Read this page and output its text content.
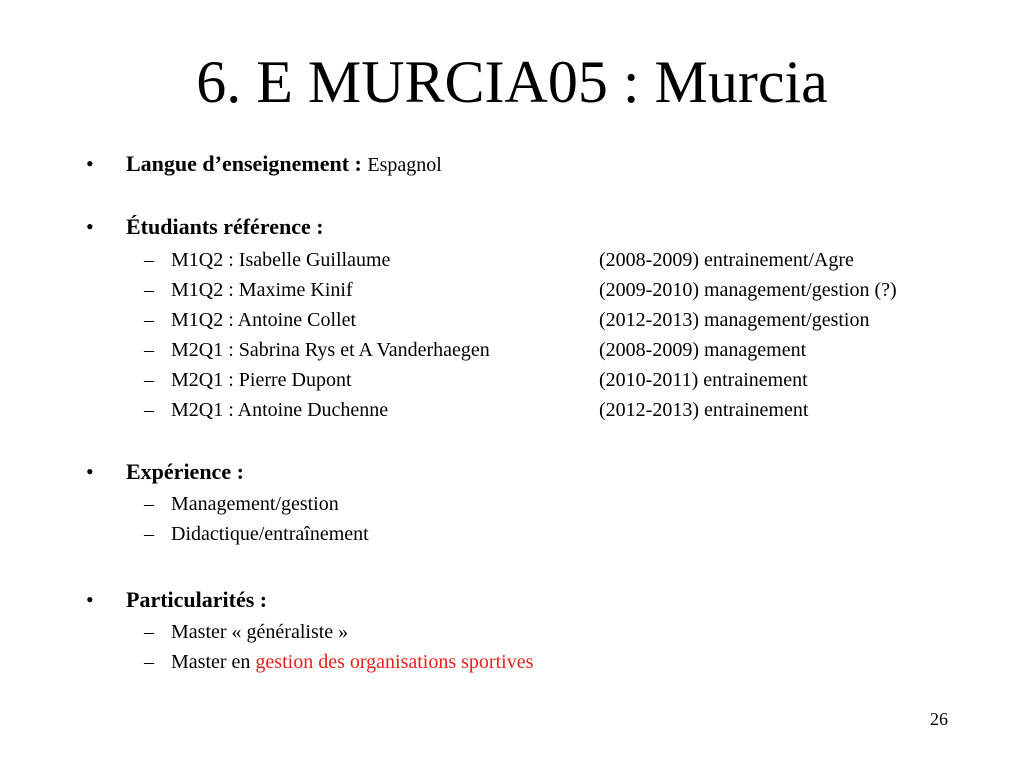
6. E MURCIA05 : Murcia
• Langue d’enseignement : Espagnol
• Étudiants référence :
– M1Q2 : Isabelle Guillaume	(2008-2009) entrainement/Agre
– M1Q2 : Maxime Kinif	(2009-2010) management/gestion (?)
– M1Q2 : Antoine Collet	(2012-2013) management/gestion
– M2Q1 : Sabrina Rys et A Vanderhaegen	(2008-2009) management
– M2Q1 : Pierre Dupont	(2010-2011) entrainement
– M2Q1 : Antoine Duchenne	(2012-2013) entrainement
• Expérience :
– Management/gestion
– Didactique/entraînement
• Particularités :
– Master « généraliste »
– Master en gestion des organisations sportives
26
